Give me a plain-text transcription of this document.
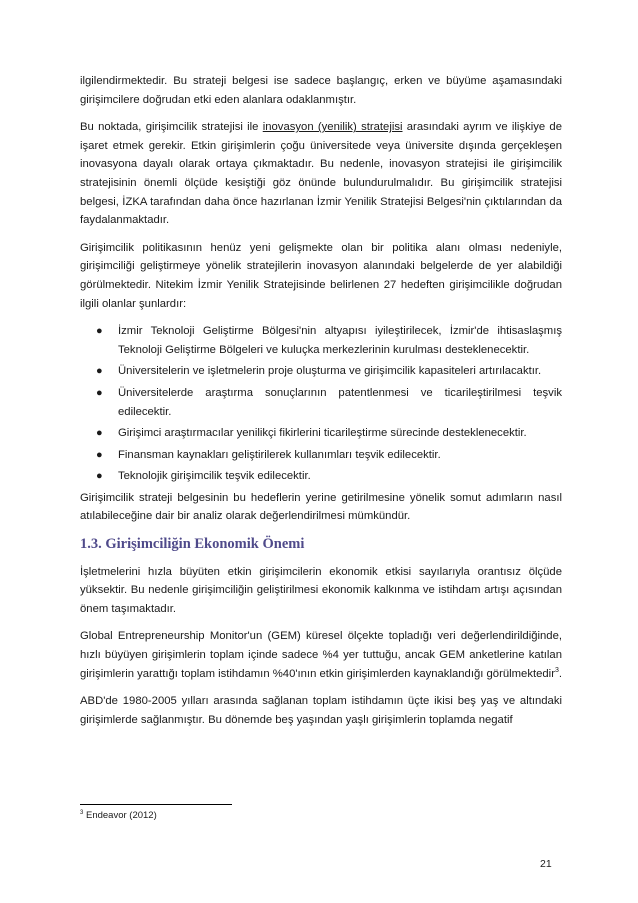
ilgilendirmektedir. Bu strateji belgesi ise sadece başlangıç, erken ve büyüme aşamasındaki girişimcilere doğrudan etki eden alanlara odaklanmıştır.

Bu noktada, girişimcilik stratejisi ile inovasyon (yenilik) stratejisi arasındaki ayrım ve ilişkiye de işaret etmek gerekir. Etkin girişimlerin çoğu üniversitede veya üniversite dışında gerçekleşen inovasyona dayalı olarak ortaya çıkmaktadır. Bu nedenle, inovasyon stratejisi ile girişimcilik stratejisinin önemli ölçüde kesiştiği göz önünde bulundurulmalıdır. Bu girişimcilik stratejisi belgesi, İZKA tarafından daha önce hazırlanan İzmir Yenilik Stratejisi Belgesi'nin çıktılarından da faydalanmaktadır.

Girişimcilik politikasının henüz yeni gelişmekte olan bir politika alanı olması nedeniyle, girişimciliği geliştirmeye yönelik stratejilerin inovasyon alanındaki belgelerde de yer alabildiği görülmektedir. Nitekim İzmir Yenilik Stratejisinde belirlenen 27 hedeften girişimcilikle doğrudan ilgili olanlar şunlardır:

● İzmir Teknoloji Geliştirme Bölgesi'nin altyapısı iyileştirilecek, İzmir'de ihtisaslaşmış Teknoloji Geliştirme Bölgeleri ve kuluçka merkezlerinin kurulması desteklenecektir.
● Üniversitelerin ve işletmelerin proje oluşturma ve girişimcilik kapasiteleri artırılacaktır.
● Üniversitelerde araştırma sonuçlarının patentlenmesi ve ticarileştirilmesi teşvik edilecektir.
● Girişimci araştırmacılar yenilikçi fikirlerini ticarileştirme sürecinde desteklenecektir.
● Finansman kaynakları geliştirilerek kullanımları teşvik edilecektir.
● Teknolojik girişimcilik teşvik edilecektir.

Girişimcilik strateji belgesinin bu hedeflerin yerine getirilmesine yönelik somut adımların nasıl atılabileceğine dair bir analiz olarak değerlendirilmesi mümkündür.

1.3. Girişimciliğin Ekonomik Önemi

İşletmelerini hızla büyüten etkin girişimcilerin ekonomik etkisi sayılarıyla orantısız ölçüde yüksektir. Bu nedenle girişimciliğin geliştirilmesi ekonomik kalkınma ve istihdam artışı açısından önem taşımaktadır.

Global Entrepreneurship Monitor'un (GEM) küresel ölçekte topladığı veri değerlendirildiğinde, hızlı büyüyen girişimlerin toplam içinde sadece %4 yer tuttuğu, ancak GEM anketlerine katılan girişimlerin yarattığı toplam istihdamın %40'ının etkin girişimlerden kaynaklandığı görülmektedir$^3$.

ABD'de 1980-2005 yılları arasında sağlanan toplam istihdamın üçte ikisi beş yaş ve altındaki girişimlerde sağlanmıştır. Bu dönemde beş yaşından yaşlı girişimlerin toplamda negatif

$^3$ Endeavor (2012)
21
